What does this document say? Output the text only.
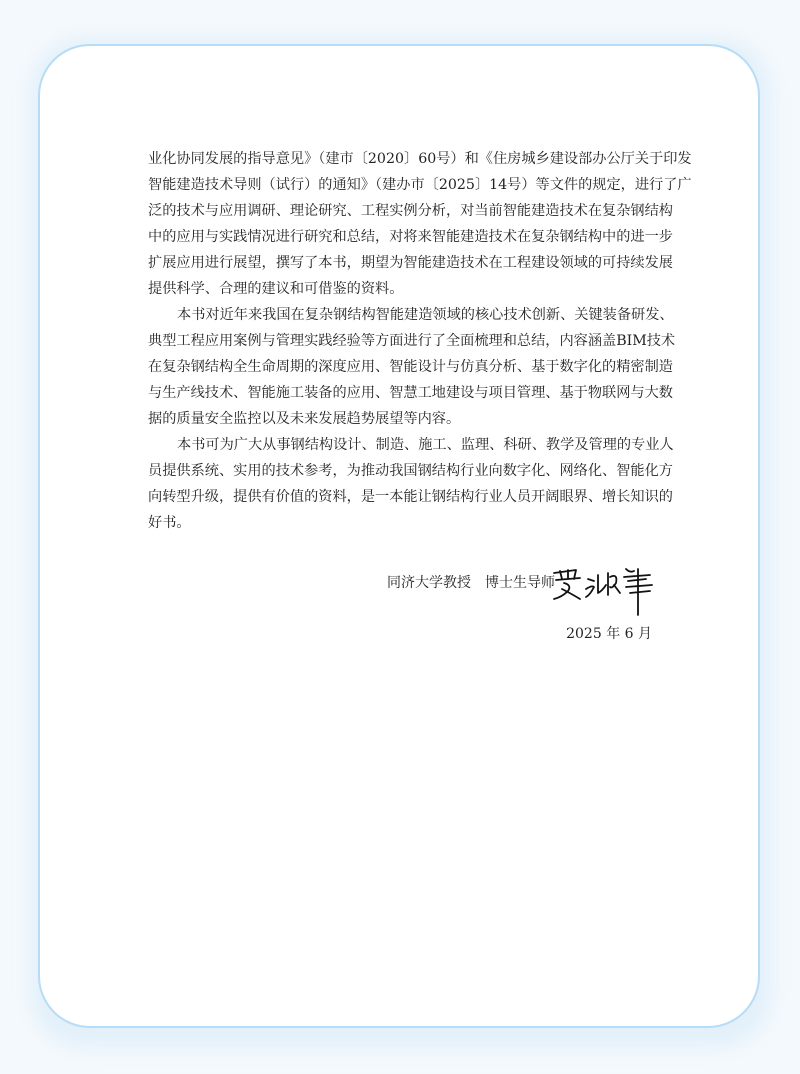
业化协同发展的指导意见》（建市〔2020〕60号）和《住房城乡建设部办公厅关于印发
智能建造技术导则（试行）的通知》（建办市〔2025〕14号）等文件的规定，进行了广
泛的技术与应用调研、理论研究、工程实例分析，对当前智能建造技术在复杂钢结构
中的应用与实践情况进行研究和总结，对将来智能建造技术在复杂钢结构中的进一步
扩展应用进行展望，撰写了本书，期望为智能建造技术在工程建设领域的可持续发展
提供科学、合理的建议和可借鉴的资料。
本书对近年来我国在复杂钢结构智能建造领域的核心技术创新、关键装备研发、
典型工程应用案例与管理实践经验等方面进行了全面梳理和总结，内容涵盖BIM技术
在复杂钢结构全生命周期的深度应用、智能设计与仿真分析、基于数字化的精密制造
与生产线技术、智能施工装备的应用、智慧工地建设与项目管理、基于物联网与大数
据的质量安全监控以及未来发展趋势展望等内容。
本书可为广大从事钢结构设计、制造、施工、监理、科研、教学及管理的专业人
员提供系统、实用的技术参考，为推动我国钢结构行业向数字化、网络化、智能化方
向转型升级，提供有价值的资料，是一本能让钢结构行业人员开阔眼界、增长知识的
好书。
同济大学教授 博士生导师
2025 年 6 月
